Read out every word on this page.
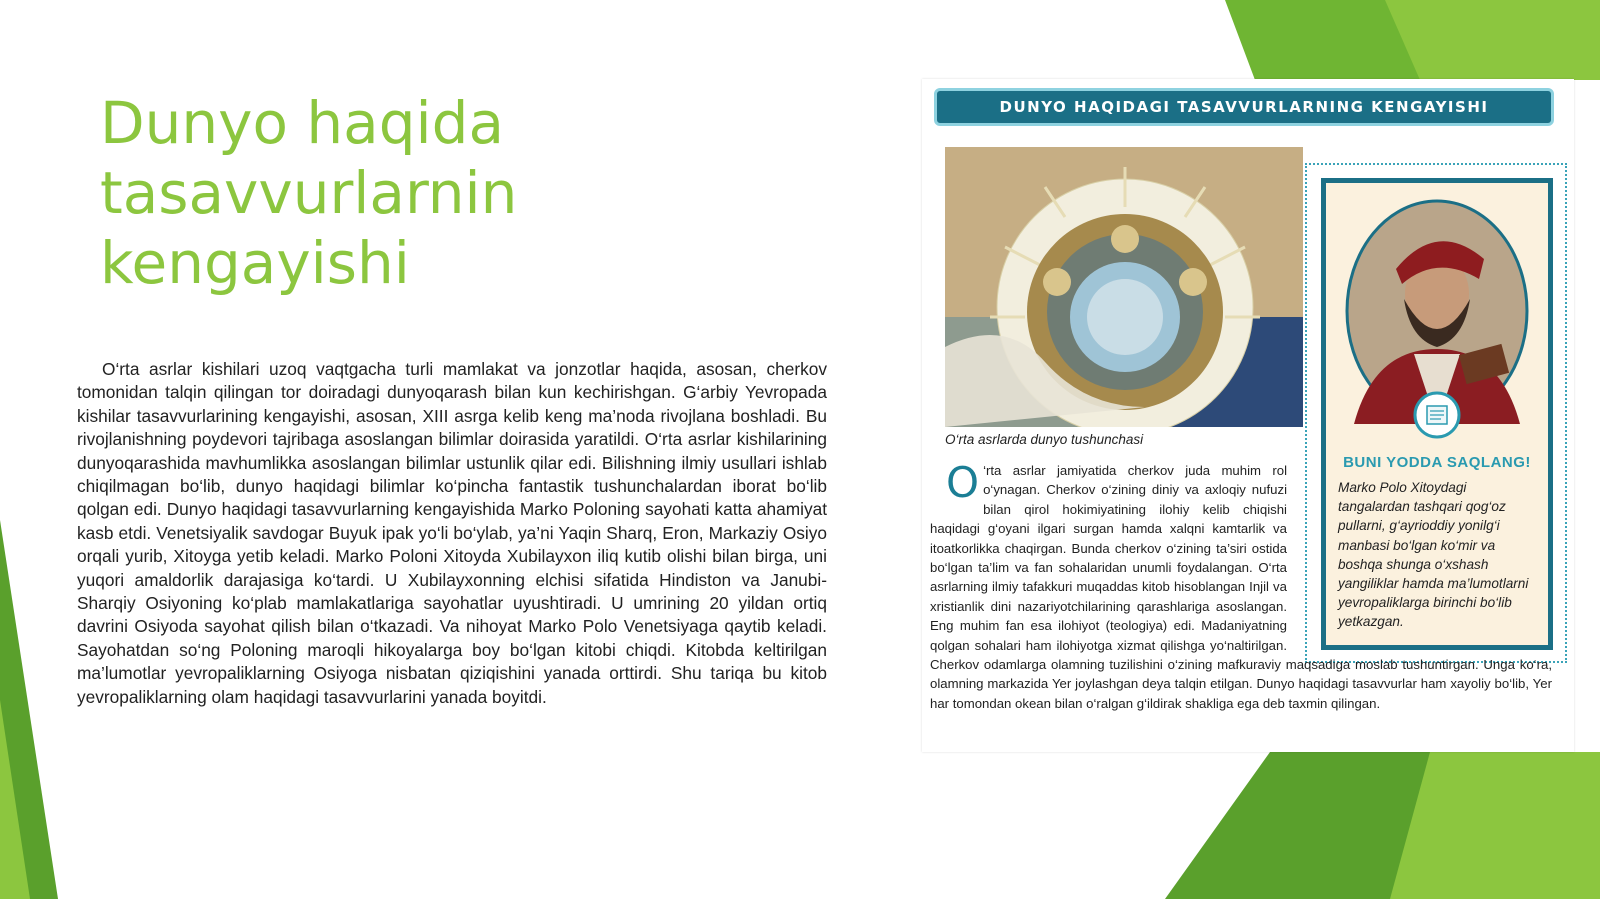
Dunyo haqida tasavvurlarnin
kengayishi

O‘rta asrlar kishilari uzoq vaqtgacha turli mamlakat va jonzotlar haqida, asosan, cherkov tomonidan talqin qilingan tor doiradagi dunyoqarash bilan kun kechirishgan. G‘arbiy Yevropada kishilar tasavvurlarining kengayishi, asosan, XIII asrga kelib keng ma’noda rivojlana boshladi. Bu rivojlanishning poydevori tajribaga asoslangan bilimlar doirasida yaratildi. O‘rta asrlar kishilarining dunyoqarashida mavhumlikka asoslangan bilimlar ustunlik qilar edi. Bilishning ilmiy usullari ishlab chiqilmagan bo‘lib, dunyo haqidagi bilimlar ko‘pincha fantastik tushunchalardan iborat bo‘lib qolgan edi. Dunyo haqidagi tasavvurlarning kengayishida Marko Poloning sayohati katta ahamiyat kasb etdi. Venetsiyalik savdogar Buyuk ipak yo‘li bo‘ylab, ya’ni Yaqin Sharq, Eron, Markaziy Osiyo orqali yurib, Xitoyga yetib keladi. Marko Poloni Xitoyda Xubilayxon iliq kutib olishi bilan birga, uni yuqori amaldorlik darajasiga ko‘tardi. U Xubilayxonning elchisi sifatida Hindiston va Janubi-Sharqiy Osiyoning ko‘plab mamlakatlariga sayohatlar uyushtiradi. U umrining 20 yildan ortiq davrini Osiyoda sayohat qilish bilan o‘tkazadi. Va nihoyat Marko Polo Venetsiyaga qaytib keladi. Sayohatdan so‘ng Poloning maroqli hikoyalarga boy bo‘lgan kitobi chiqdi. Kitobda keltirilgan ma’lumotlar yevropaliklarning Osiyoga nisbatan qiziqishini yanada orttirdi. Shu tariqa bu kitob yevropaliklarning olam haqidagi tasavvurlarini yanada boyitdi.

DUNYO HAQIDAGI TASAVVURLARNING KENGAYISHI
O‘rta asrlarda dunyo tushunchasi
BUNI YODDA SAQLANG!

Marko Polo Xitoydagi tangalardan tashqari qog‘oz pullarni, g‘ayrioddiy yonilg‘i manbasi bo‘lgan ko‘mir va boshqa shunga o‘xshash yangiliklar hamda ma’lumotlarni yevropaliklarga birinchi bo‘lib yetkazgan.

O ‘rta asrlar jamiyatida cherkov juda muhim rol o‘ynagan. Cherkov o‘zining diniy va axloqiy nufuzi bilan qirol hokimiyatining ilohiy kelib chiqishi haqidagi g‘oyani ilgari surgan hamda xalqni kamtarlik va itoatkorlikka chaqirgan. Bunda cherkov o‘zining ta’siri ostida bo‘lgan ta’lim va fan sohalaridan unumli foydalangan. O‘rta asrlarning ilmiy tafakkuri muqaddas kitob hisoblangan Injil va xristianlik dini nazariyotchilarining qarashlariga asoslangan. Eng muhim fan esa ilohiyot (teologiya) edi. Madaniyatning qolgan sohalari ham ilohiyotga xizmat qilishga yo‘naltirilgan. Cherkov odamlarga olamning tuzilishini o‘zining mafkuraviy maqsadiga moslab tushuntirgan. Unga ko‘ra, olamning markazida Yer joylashgan deya talqin etilgan. Dunyo haqidagi tasavvurlar ham xayoliy bo‘lib, Yer har tomondan okean bilan o‘ralgan g‘ildirak shakliga ega deb taxmin qilingan.
